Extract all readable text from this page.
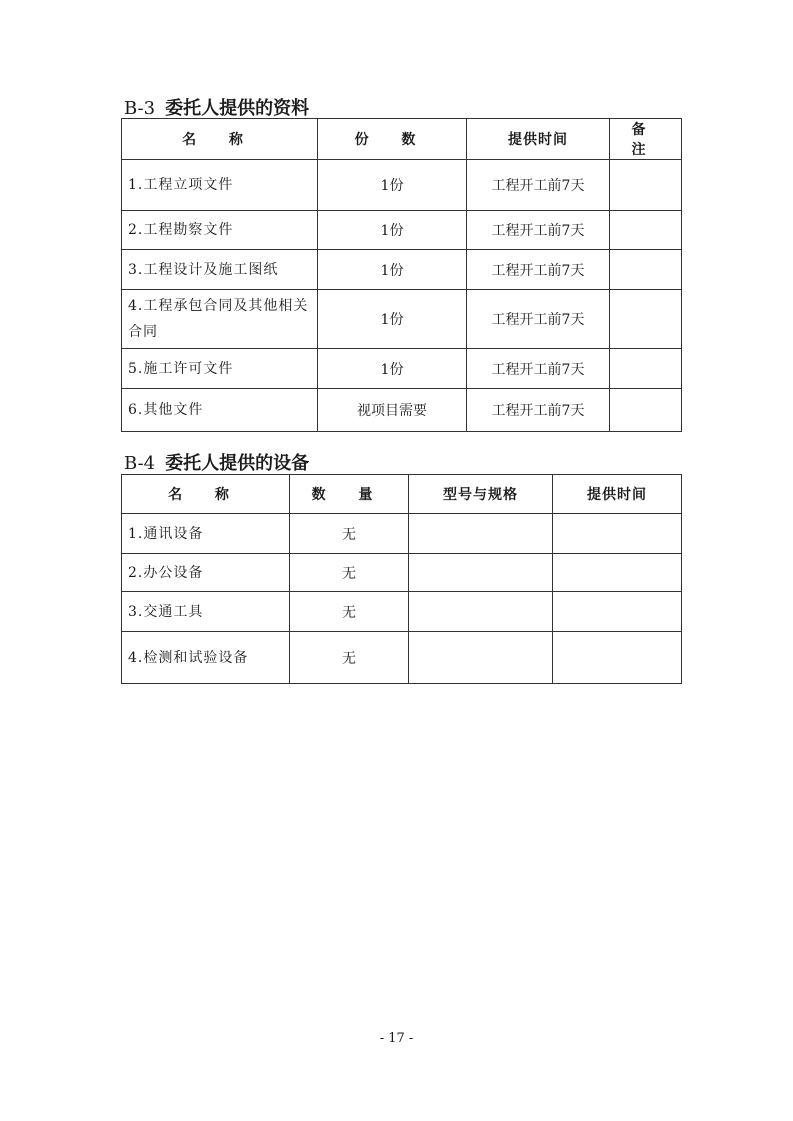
B-3 委托人提供的资料
名 称	份 数	提供时间	备 注
1.工程立项文件	1份	工程开工前7天	
2.工程勘察文件	1份	工程开工前7天	
3.工程设计及施工图纸	1份	工程开工前7天	
4.工程承包合同及其他相关合同	1份	工程开工前7天	
5.施工许可文件	1份	工程开工前7天	
6.其他文件	视项目需要	工程开工前7天	
B-4 委托人提供的设备
名 称	数 量	型号与规格	提供时间
1.通讯设备	无		
2.办公设备	无		
3.交通工具	无		
4.检测和试验设备	无		
- 17 -
